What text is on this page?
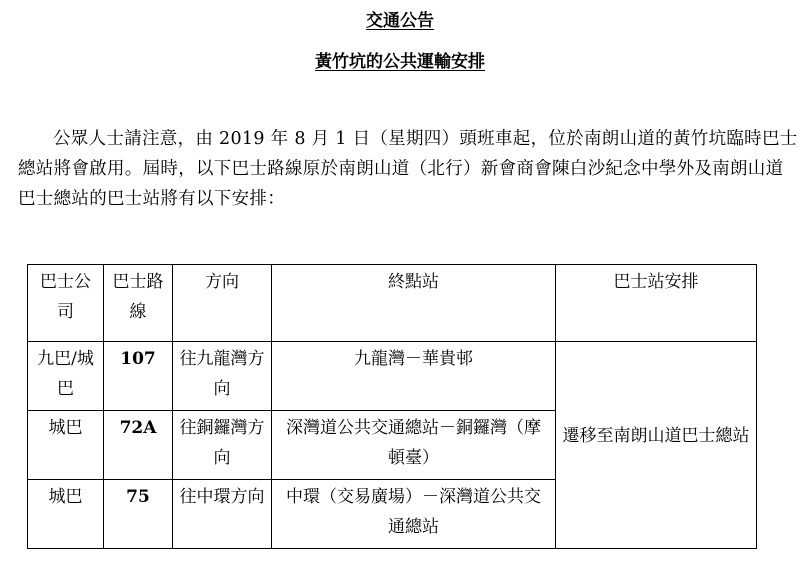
交通公告
黃竹坑的公共運輸安排

公眾人士請注意，由 2019 年 8 月 1 日（星期四）頭班車起，位於南朗山道的黃竹坑臨時巴士總站將會啟用。屆時，以下巴士路線原於南朗山道（北行）新會商會陳白沙紀念中學外及南朗山道巴士總站的巴士站將有以下安排：

巴士公司	巴士路線	方向	終點站	巴士站安排
九巴/城巴	107	往九龍灣方向	九龍灣－華貴邨	遷移至南朗山道巴士總站
城巴	72A	往銅鑼灣方向	深灣道公共交通總站－銅鑼灣（摩頓臺）	
城巴	75	往中環方向	中環（交易廣場）－深灣道公共交通總站	
